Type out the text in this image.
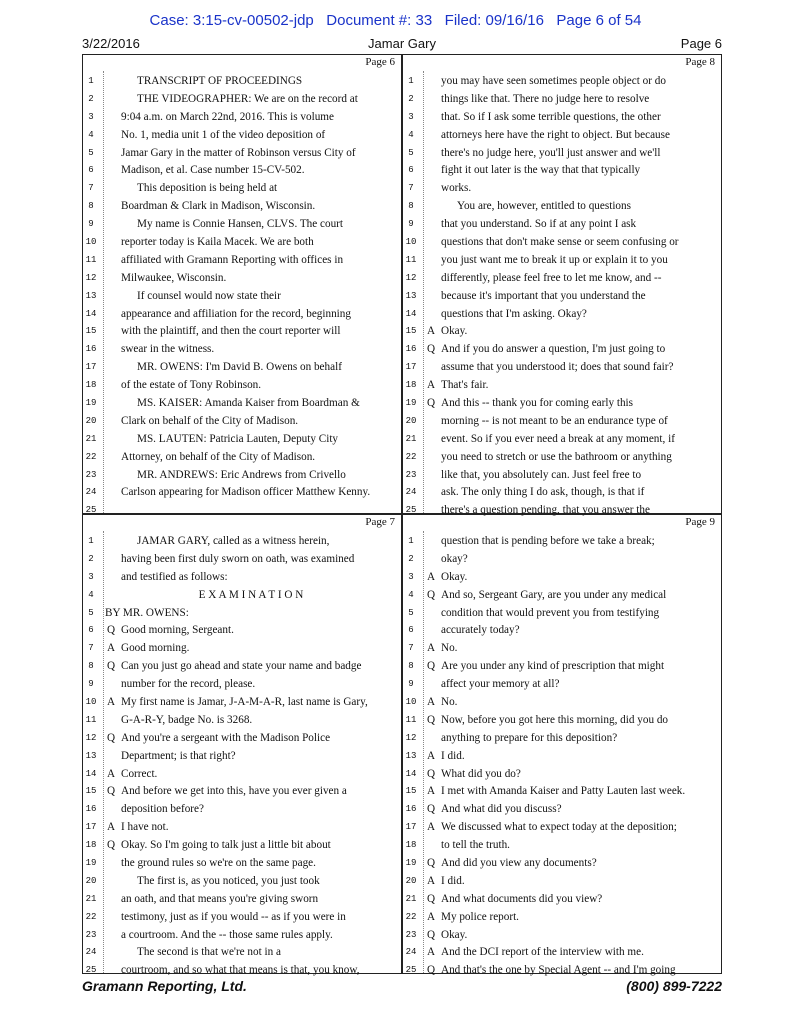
Case: 3:15-cv-00502-jdp   Document #: 33   Filed: 09/16/16   Page 6 of 54
3/22/2016	Jamar Gary	Page 6
Page 6
1	TRANSCRIPT OF PROCEEDINGS
2	THE VIDEOGRAPHER: We are on the record at
3	9:04 a.m. on March 22nd, 2016. This is volume
4	No. 1, media unit 1 of the video deposition of
5	Jamar Gary in the matter of Robinson versus City of
6	Madison, et al. Case number 15-CV-502.
7	This deposition is being held at
8	Boardman & Clark in Madison, Wisconsin.
9	My name is Connie Hansen, CLVS. The court
10 reporter today is Kaila Macek. We are both
11 affiliated with Gramann Reporting with offices in
12 Milwaukee, Wisconsin.
13	If counsel would now state their
14 appearance and affiliation for the record, beginning
15 with the plaintiff, and then the court reporter will
16 swear in the witness.
17	MR. OWENS: I'm David B. Owens on behalf
18 of the estate of Tony Robinson.
19	MS. KAISER: Amanda Kaiser from Boardman &
20 Clark on behalf of the City of Madison.
21	MS. LAUTEN: Patricia Lauten, Deputy City
22 Attorney, on behalf of the City of Madison.
23	MR. ANDREWS: Eric Andrews from Crivello
24 Carlson appearing for Madison officer Matthew Kenny.
25
Page 8
1	you may have seen sometimes people object or do
2	things like that. There no judge here to resolve
3	that. So if I ask some terrible questions, the other
4	attorneys here have the right to object. But because
5	there's no judge here, you'll just answer and we'll
6	fight it out later is the way that that typically
7	works.
8	You are, however, entitled to questions
9	that you understand. So if at any point I ask
10 questions that don't make sense or seem confusing or
11 you just want me to break it up or explain it to you
12 differently, please feel free to let me know, and --
13 because it's important that you understand the
14 questions that I'm asking. Okay?
15 A Okay.
16 Q And if you do answer a question, I'm just going to
17 assume that you understood it; does that sound fair?
18 A That's fair.
19 Q And this -- thank you for coming early this
20 morning -- is not meant to be an endurance type of
21 event. So if you ever need a break at any moment, if
22 you need to stretch or use the bathroom or anything
23 like that, you absolutely can. Just feel free to
24 ask. The only thing I do ask, though, is that if
25 there's a question pending, that you answer the
Page 7
1	JAMAR GARY, called as a witness herein,
2	having been first duly sworn on oath, was examined
3	and testified as follows:
4	E X A M I N A T I O N
5	BY MR. OWENS:
6	Q Good morning, Sergeant.
7	A Good morning.
8	Q Can you just go ahead and state your name and badge
9	number for the record, please.
10 A My first name is Jamar, J-A-M-A-R, last name is Gary,
11 G-A-R-Y, badge No. is 3268.
12 Q And you're a sergeant with the Madison Police
13 Department; is that right?
14 A Correct.
15 Q And before we get into this, have you ever given a
16 deposition before?
17 A I have not.
18 Q Okay. So I'm going to talk just a little bit about
19 the ground rules so we're on the same page.
20	The first is, as you noticed, you just took
21 an oath, and that means you're giving sworn
22 testimony, just as if you would -- as if you were in
23 a courtroom. And the -- those same rules apply.
24	The second is that we're not in a
25 courtroom, and so what that means is that, you know,
Page 9
1	question that is pending before we take a break;
2	okay?
3	A Okay.
4	Q And so, Sergeant Gary, are you under any medical
5	condition that would prevent you from testifying
6	accurately today?
7	A No.
8	Q Are you under any kind of prescription that might
9	affect your memory at all?
10 A No.
11 Q Now, before you got here this morning, did you do
12 anything to prepare for this deposition?
13 A I did.
14 Q What did you do?
15 A I met with Amanda Kaiser and Patty Lauten last week.
16 Q And what did you discuss?
17 A We discussed what to expect today at the deposition;
18 to tell the truth.
19 Q And did you view any documents?
20 A I did.
21 Q And what documents did you view?
22 A My police report.
23 Q Okay.
24 A And the DCI report of the interview with me.
25 Q And that's the one by Special Agent -- and I'm going
Gramann Reporting, Ltd.	(800) 899-7222
